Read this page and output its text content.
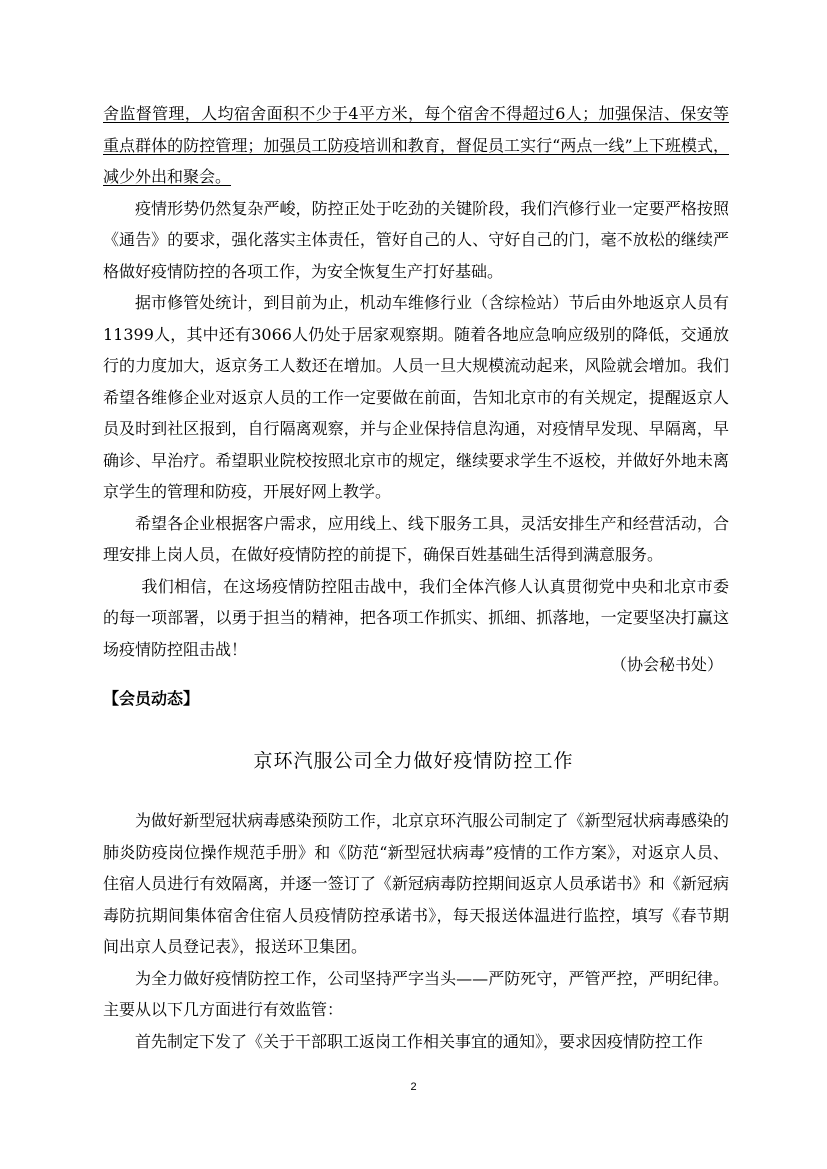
舍监督管理，人均宿舍面积不少于4平方米，每个宿舍不得超过6人；加强保洁、保安等重点群体的防控管理；加强员工防疫培训和教育，督促员工实行“两点一线”上下班模式，减少外出和聚会。

疫情形势仍然复杂严峻，防控正处于吃劲的关键阶段，我们汽修行业一定要严格按照《通告》的要求，强化落实主体责任，管好自己的人、守好自己的门，毫不放松的继续严格做好疫情防控的各项工作，为安全恢复生产打好基础。

据市修管处统计，到目前为止，机动车维修行业（含综检站）节后由外地返京人员有11399人，其中还有3066人仍处于居家观察期。随着各地应急响应级别的降低，交通放行的力度加大，返京务工人数还在增加。人员一旦大规模流动起来，风险就会增加。我们希望各维修企业对返京人员的工作一定要做在前面，告知北京市的有关规定，提醒返京人员及时到社区报到，自行隔离观察，并与企业保持信息沟通，对疫情早发现、早隔离，早确诊、早治疗。希望职业院校按照北京市的规定，继续要求学生不返校，并做好外地未离京学生的管理和防疫，开展好网上教学。

希望各企业根据客户需求，应用线上、线下服务工具，灵活安排生产和经营活动，合理安排上岗人员，在做好疫情防控的前提下，确保百姓基础生活得到满意服务。

我们相信，在这场疫情防控阻击战中，我们全体汽修人认真贯彻党中央和北京市委的每一项部署，以勇于担当的精神，把各项工作抓实、抓细、抓落地，一定要坚决打赢这场疫情防控阻击战！

（协会秘书处）
【会员动态】
京环汽服公司全力做好疫情防控工作

为做好新型冠状病毒感染预防工作，北京京环汽服公司制定了《新型冠状病毒感染的肺炎防疫岗位操作规范手册》和《防范“新型冠状病毒”疫情的工作方案》，对返京人员、住宿人员进行有效隔离，并逐一签订了《新冠病毒防控期间返京人员承诺书》和《新冠病毒防抗期间集体宿舍住宿人员疫情防控承诺书》，每天报送体温进行监控，填写《春节期间出京人员登记表》，报送环卫集团。

为全力做好疫情防控工作，公司坚持严字当头——严防死守，严管严控，严明纪律。主要从以下几方面进行有效监管：

首先制定下发了《关于干部职工返岗工作相关事宜的通知》，要求因疫情防控工作

2
